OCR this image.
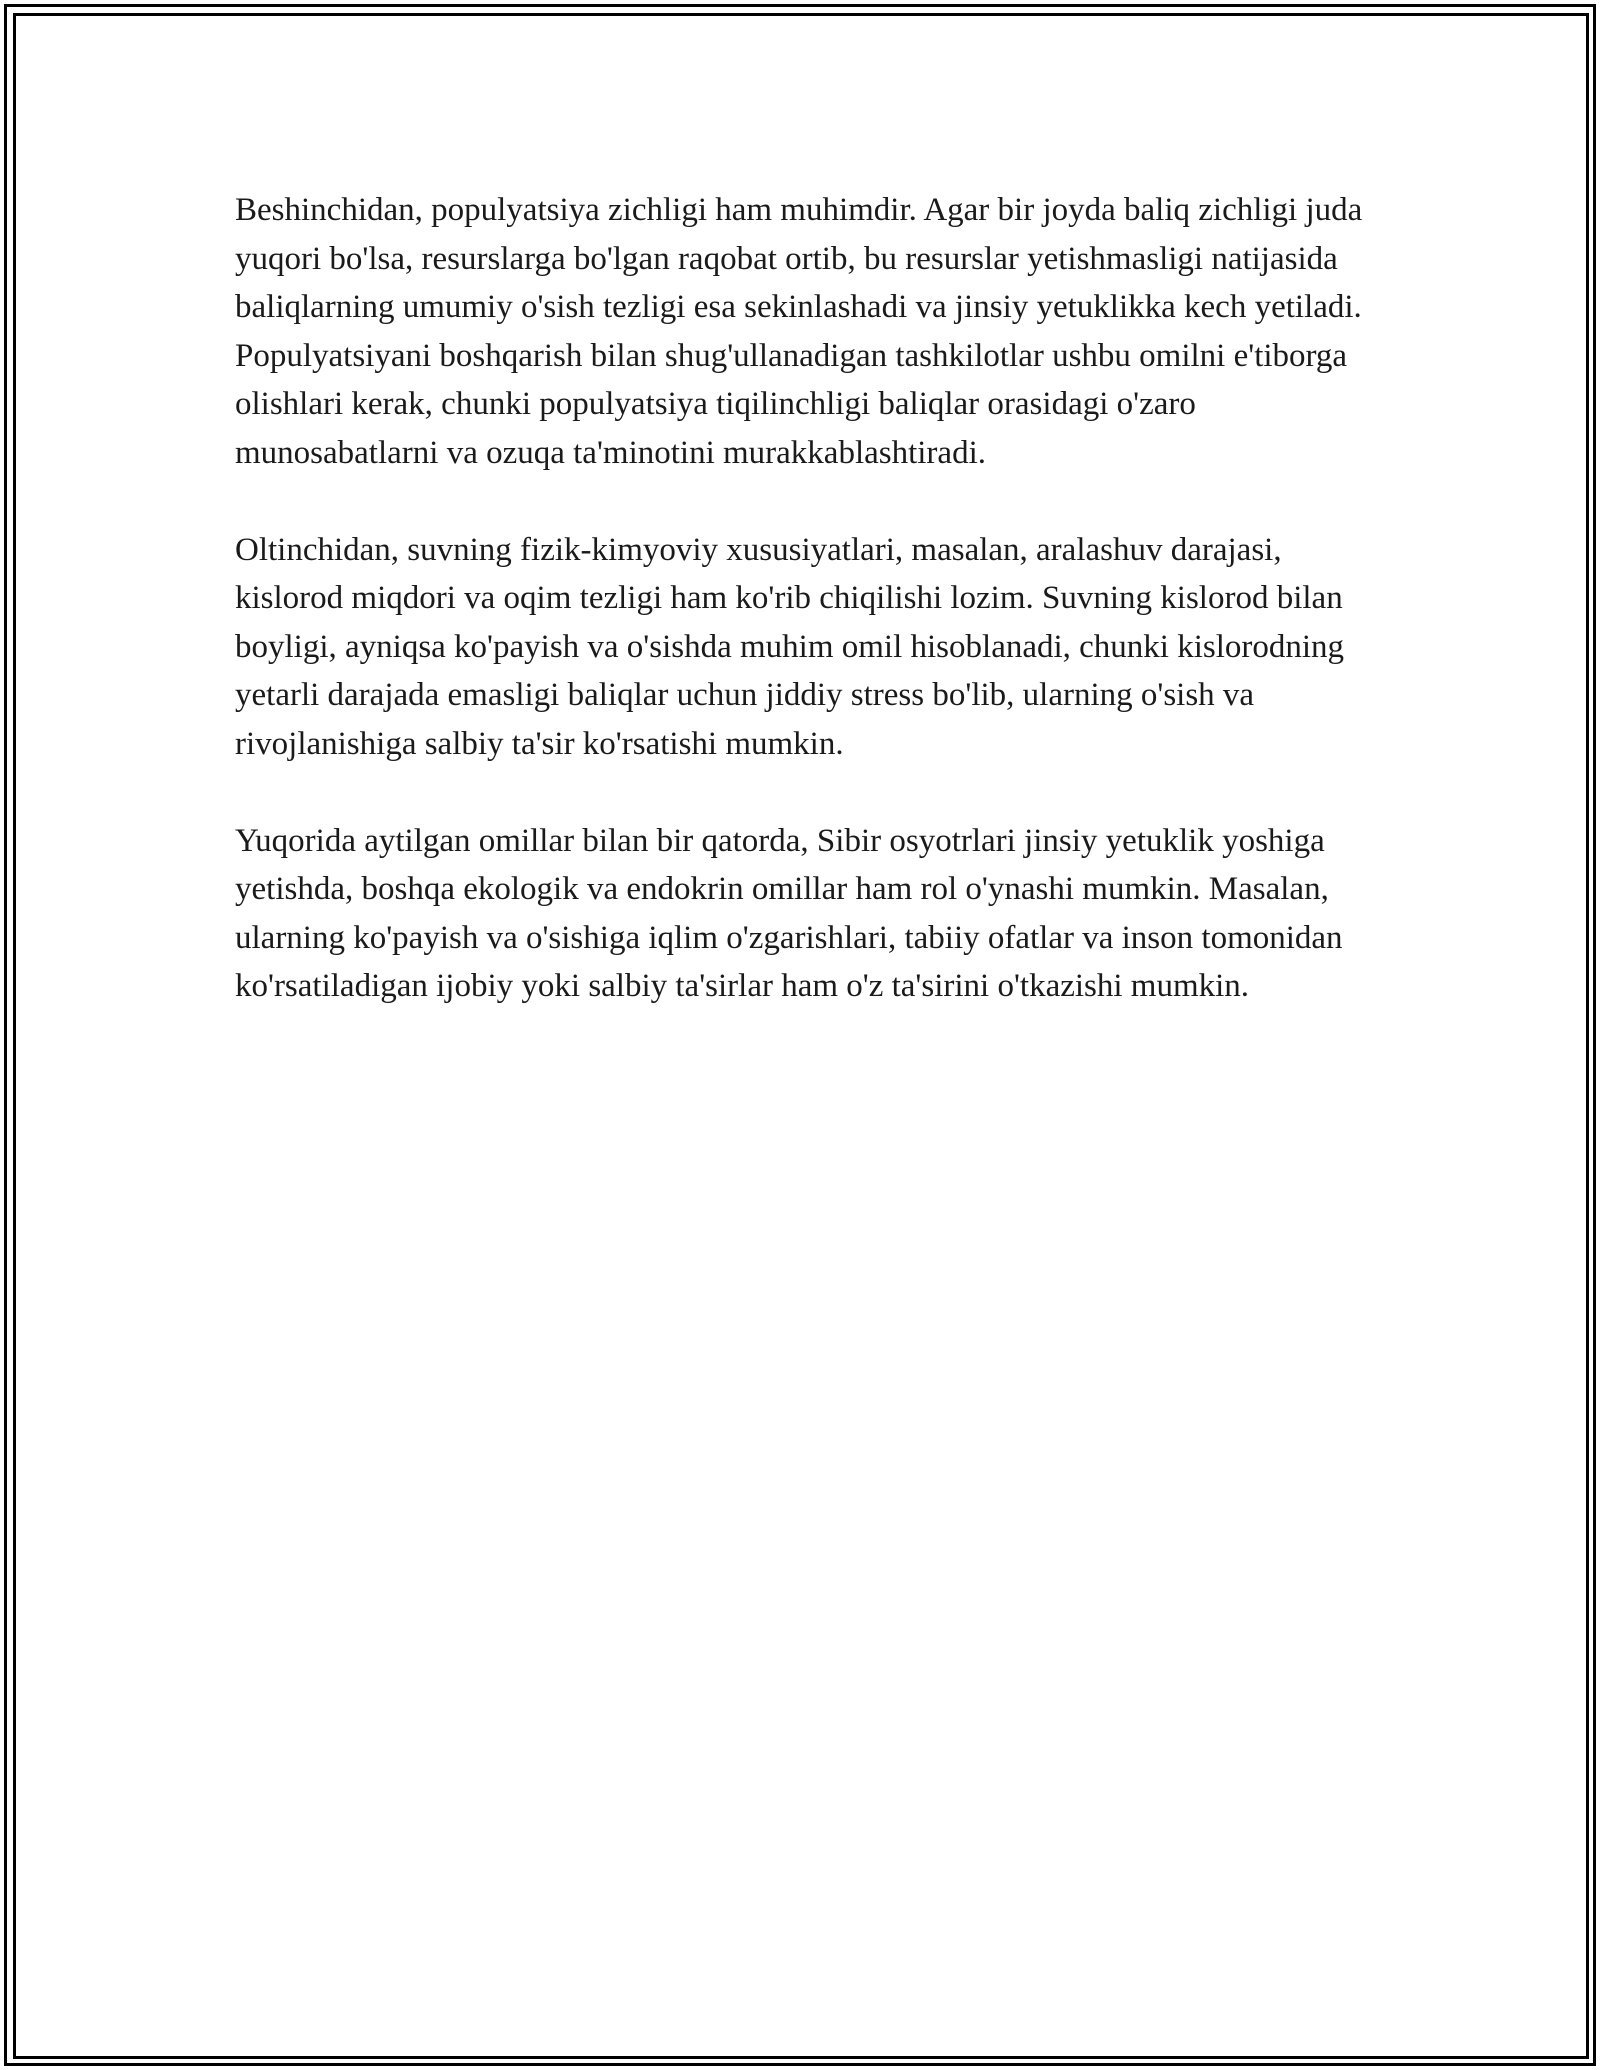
Beshinchidan, populyatsiya zichligi ham muhimdir. Agar bir joyda baliq zichligi juda yuqori bo'lsa, resurslarga bo'lgan raqobat ortib, bu resurslar yetishmasligi natijasida baliqlarning umumiy o'sish tezligi esa sekinlashadi va jinsiy yetuklikka kech yetiladi. Populyatsiyani boshqarish bilan shug'ullanadigan tashkilotlar ushbu omilni e'tiborga olishlari kerak, chunki populyatsiya tiqilinchligi baliqlar orasidagi o'zaro munosabatlarni va ozuqa ta'minotini murakkablashtiradi.

Oltinchidan, suvning fizik-kimyoviy xususiyatlari, masalan, aralashuv darajasi, kislorod miqdori va oqim tezligi ham ko'rib chiqilishi lozim. Suvning kislorod bilan boyligi, ayniqsa ko'payish va o'sishda muhim omil hisoblanadi, chunki kislorodning yetarli darajada emasligi baliqlar uchun jiddiy stress bo'lib, ularning o'sish va rivojlanishiga salbiy ta'sir ko'rsatishi mumkin.

Yuqorida aytilgan omillar bilan bir qatorda, Sibir osyotrlari jinsiy yetuklik yoshiga yetishda, boshqa ekologik va endokrin omillar ham rol o'ynashi mumkin. Masalan, ularning ko'payish va o'sishiga iqlim o'zgarishlari, tabiiy ofatlar va inson tomonidan ko'rsatiladigan ijobiy yoki salbiy ta'sirlar ham o'z ta'sirini o'tkazishi mumkin.
